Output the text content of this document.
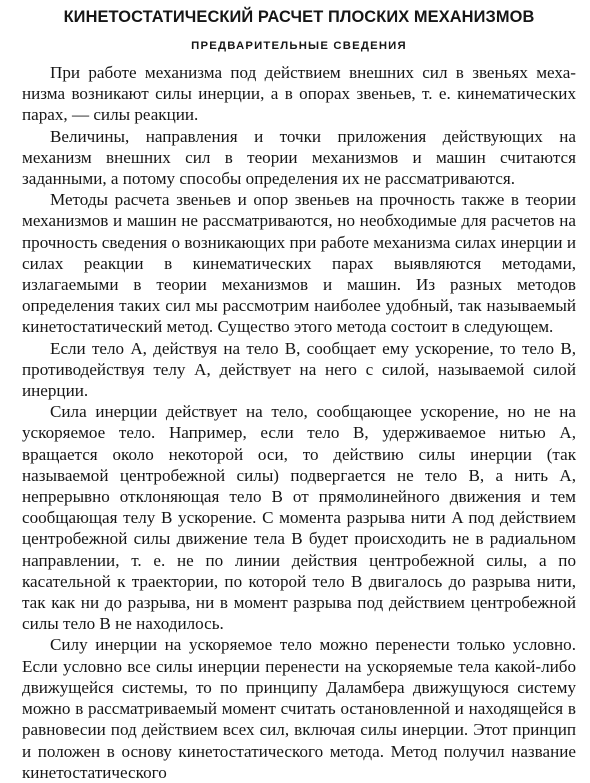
КИНЕТОСТАТИЧЕСКИЙ РАСЧЕТ ПЛОСКИХ МЕХАНИЗМОВ
ПРЕДВАРИТЕЛЬНЫЕ СВЕДЕНИЯ

При работе механизма под действием внешних сил в звеньях механизма возникают силы инерции, а в опорах звеньев, т. е. кинематических парах, — силы реакции.

Величины, направления и точки приложения действующих на механизм внешних сил в теории механизмов и машин считаются заданными, а потому способы определения их не рассматриваются.

Методы расчета звеньев и опор звеньев на прочность также в теории механизмов и машин не рассматриваются, но необходимые для расчетов на прочность сведения о возникающих при работе механизма силах инерции и силах реакции в кинематических парах выявляются методами, излагаемыми в теории механизмов и машин. Из разных методов определения таких сил мы рассмотрим наиболее удобный, так называемый кинетостатический метод. Существо этого метода состоит в следующем.

Если тело A, действуя на тело B, сообщает ему ускорение, то тело B, противодействуя телу A, действует на него с силой, называемой силой инерции.

Сила инерции действует на тело, сообщающее ускорение, но не на ускоряемое тело. Например, если тело B, удерживаемое нитью A, вращается около некоторой оси, то действию силы инерции (так называемой центробежной силы) подвергается не тело B, а нить A, непрерывно отклоняющая тело B от прямолинейного движения и тем сообщающая телу B ускорение. С момента разрыва нити A под действием центробежной силы движение тела B будет происходить не в радиальном направлении, т. е. не по линии действия центробежной силы, а по касательной к траектории, по которой тело B двигалось до разрыва нити, так как ни до разрыва, ни в момент разрыва под действием центробежной силы тело B не находилось.

Силу инерции на ускоряемое тело можно перенести только условно. Если условно все силы инерции перенести на ускоряемые тела какой-либо движущейся системы, то по принципу Даламбера движущуюся систему можно в рассматриваемый момент считать остановленной и находящейся в равновесии под действием всех сил, включая силы инерции. Этот принцип и положен в основу кинетостатического метода. Метод получил название кинетостатического
